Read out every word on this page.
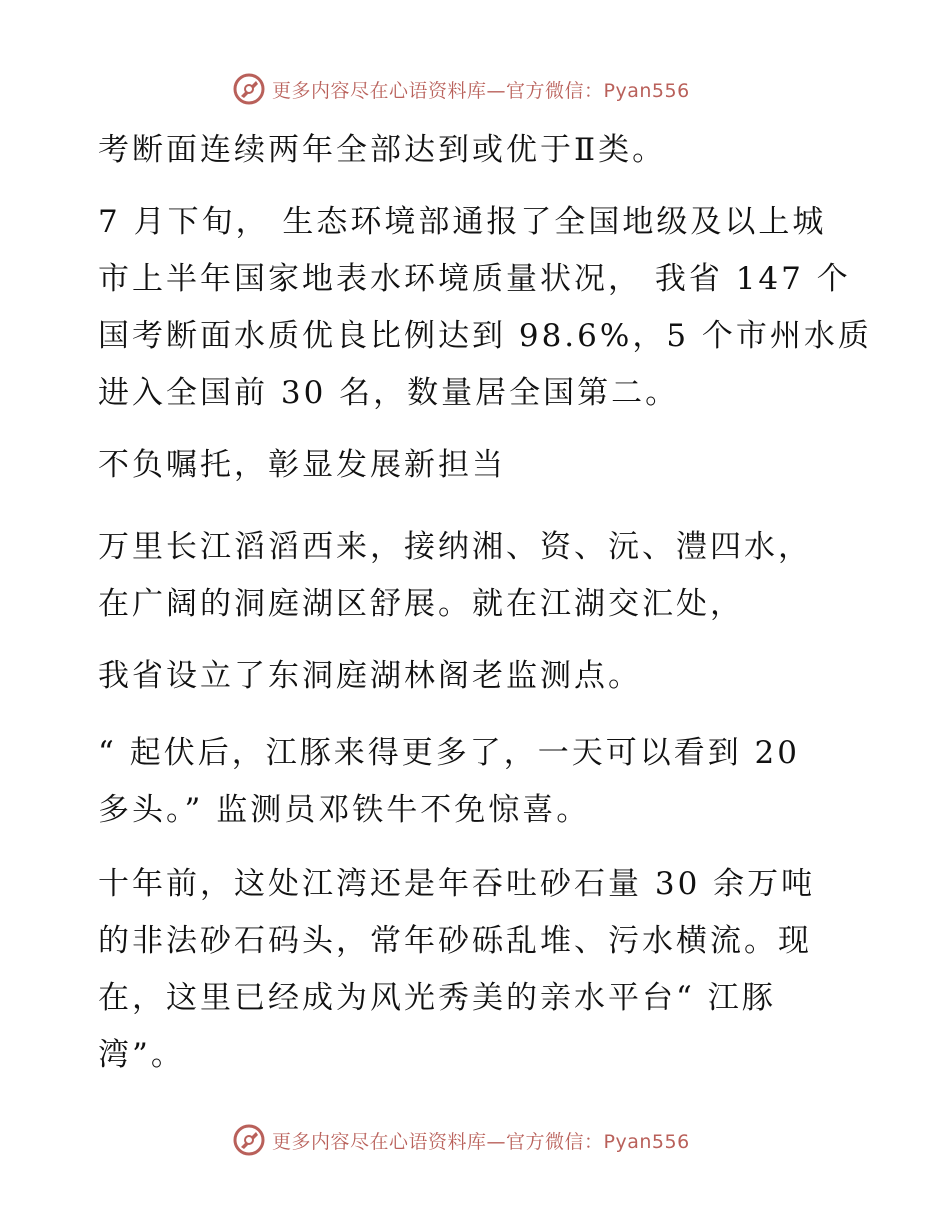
更多内容尽在心语资料库—官方微信：Pyan556
考断面连续两年全部达到或优于Ⅱ类。
7 月下旬， 生态环境部通报了全国地级及以上城
市上半年国家地表水环境质量状况， 我省 147 个
国考断面水质优良比例达到 98.6%，5 个市州水质
进入全国前 30 名，数量居全国第二。
不负嘱托，彰显发展新担当
万里长江滔滔西来，接纳湘、资、沅、澧四水，
在广阔的洞庭湖区舒展。就在江湖交汇处，
我省设立了东洞庭湖林阁老监测点。
“ 起伏后，江豚来得更多了，一天可以看到 20
多头。” 监测员邓铁牛不免惊喜。
十年前，这处江湾还是年吞吐砂石量 30 余万吨
的非法砂石码头，常年砂砾乱堆、污水横流。现
在，这里已经成为风光秀美的亲水平台“ 江豚
湾”。
更多内容尽在心语资料库—官方微信：Pyan556
